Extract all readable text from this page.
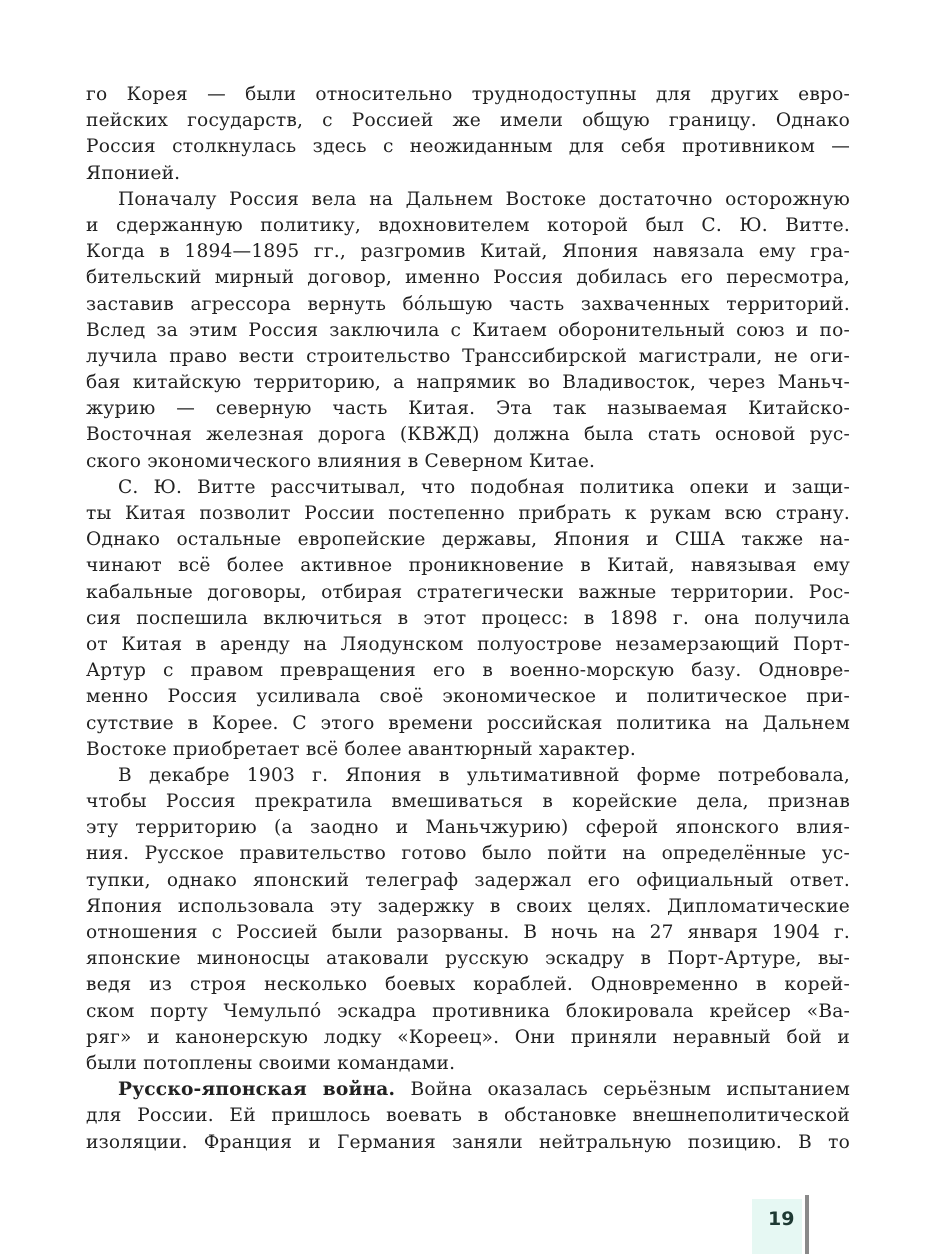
го Корея — были относительно труднодоступны для других евро-
пейских государств, с Россией же имели общую границу. Однако
Россия столкнулась здесь с неожиданным для себя противником —
Японией.
Поначалу Россия вела на Дальнем Востоке достаточно осторожную
и сдержанную политику, вдохновителем которой был С. Ю. Витте.
Когда в 1894—1895 гг., разгромив Китай, Япония навязала ему гра-
бительский мирный договор, именно Россия добилась его пересмотра,
заставив агрессора вернуть бóльшую часть захваченных территорий.
Вслед за этим Россия заключила с Китаем оборонительный союз и по-
лучила право вести строительство Транссибирской магистрали, не оги-
бая китайскую территорию, а напрямик во Владивосток, через Маньч-
журию — северную часть Китая. Эта так называемая Китайско-
Восточная железная дорога (КВЖД) должна была стать основой рус-
ского экономического влияния в Северном Китае.
С. Ю. Витте рассчитывал, что подобная политика опеки и защи-
ты Китая позволит России постепенно прибрать к рукам всю страну.
Однако остальные европейские державы, Япония и США также на-
чинают всё более активное проникновение в Китай, навязывая ему
кабальные договоры, отбирая стратегически важные территории. Рос-
сия поспешила включиться в этот процесс: в 1898 г. она получила
от Китая в аренду на Ляодунском полуострове незамерзающий Порт-
Артур с правом превращения его в военно-морскую базу. Одновре-
менно Россия усиливала своё экономическое и политическое при-
сутствие в Корее. С этого времени российская политика на Дальнем
Востоке приобретает всё более авантюрный характер.
В декабре 1903 г. Япония в ультимативной форме потребовала,
чтобы Россия прекратила вмешиваться в корейские дела, признав
эту территорию (а заодно и Маньчжурию) сферой японского влия-
ния. Русское правительство готово было пойти на определённые ус-
тупки, однако японский телеграф задержал его официальный ответ.
Япония использовала эту задержку в своих целях. Дипломатические
отношения с Россией были разорваны. В ночь на 27 января 1904 г.
японские миноносцы атаковали русскую эскадру в Порт-Артуре, вы-
ведя из строя несколько боевых кораблей. Одновременно в корей-
ском порту Чемульпо́ эскадра противника блокировала крейсер «Ва-
ряг» и канонерскую лодку «Кореец». Они приняли неравный бой и
были потоплены своими командами.
Русско-японская война. Война оказалась серьёзным испытанием
для России. Ей пришлось воевать в обстановке внешнеполитической
изоляции. Франция и Германия заняли нейтральную позицию. В то
19
